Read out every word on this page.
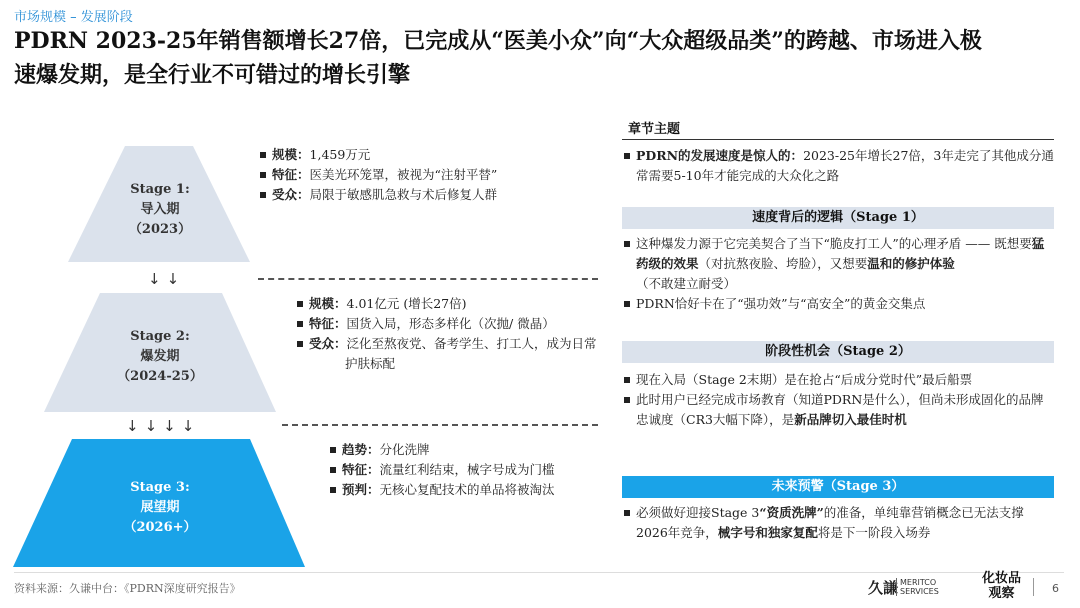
市场规模 – 发展阶段
PDRN 2023-25年销售额增长27倍，已完成从“医美小众”向“大众超级品类”的跨越、市场进入极
速爆发期，是全行业不可错过的增长引擎
Stage 1:
导入期
（2023）
Stage 2:
爆发期
（2024-25）
Stage 3:
展望期
（2026+）
↓↓
↓↓↓↓
规模：1,459万元
特征：医美光环笼罩，被视为“注射平替”
受众：局限于敏感肌急救与术后修复人群
规模：4.01亿元 (增长27倍)
特征：国货入局，形态多样化（次抛/ 微晶）
受众：泛化至熬夜党、备考学生、打工人，成为日常护肤标配
趋势：分化洗牌
特征：流量红利结束，械字号成为门槛
预判：无核心复配技术的单品将被淘汰
章节主题
PDRN的发展速度是惊人的：2023-25年增长27倍，3年走完了其他成分通常需要5-10年才能完成的大众化之路
速度背后的逻辑（Stage 1）
这种爆发力源于它完美契合了当下“脆皮打工人”的心理矛盾 —— 既想要猛药级的效果（对抗熬夜脸、垮脸），又想要温和的修护体验（不敢建立耐受）
PDRN恰好卡在了“强功效”与“高安全”的黄金交集点
阶段性机会（Stage 2）
现在入局（Stage 2末期）是在抢占“后成分党时代”最后船票
此时用户已经完成市场教育（知道PDRN是什么），但尚未形成固化的品牌忠诚度（CR3大幅下降），是新品牌切入最佳时机
未来预警（Stage 3）
必须做好迎接Stage 3“资质洗牌”的准备，单纯靠营销概念已无法支撑2026年竞争，械字号和独家复配将是下一阶段入场券
资料来源：久谦中台：《PDRN深度研究报告》	久謙 MERITCO
SERVICES
化妆品
观察	6
